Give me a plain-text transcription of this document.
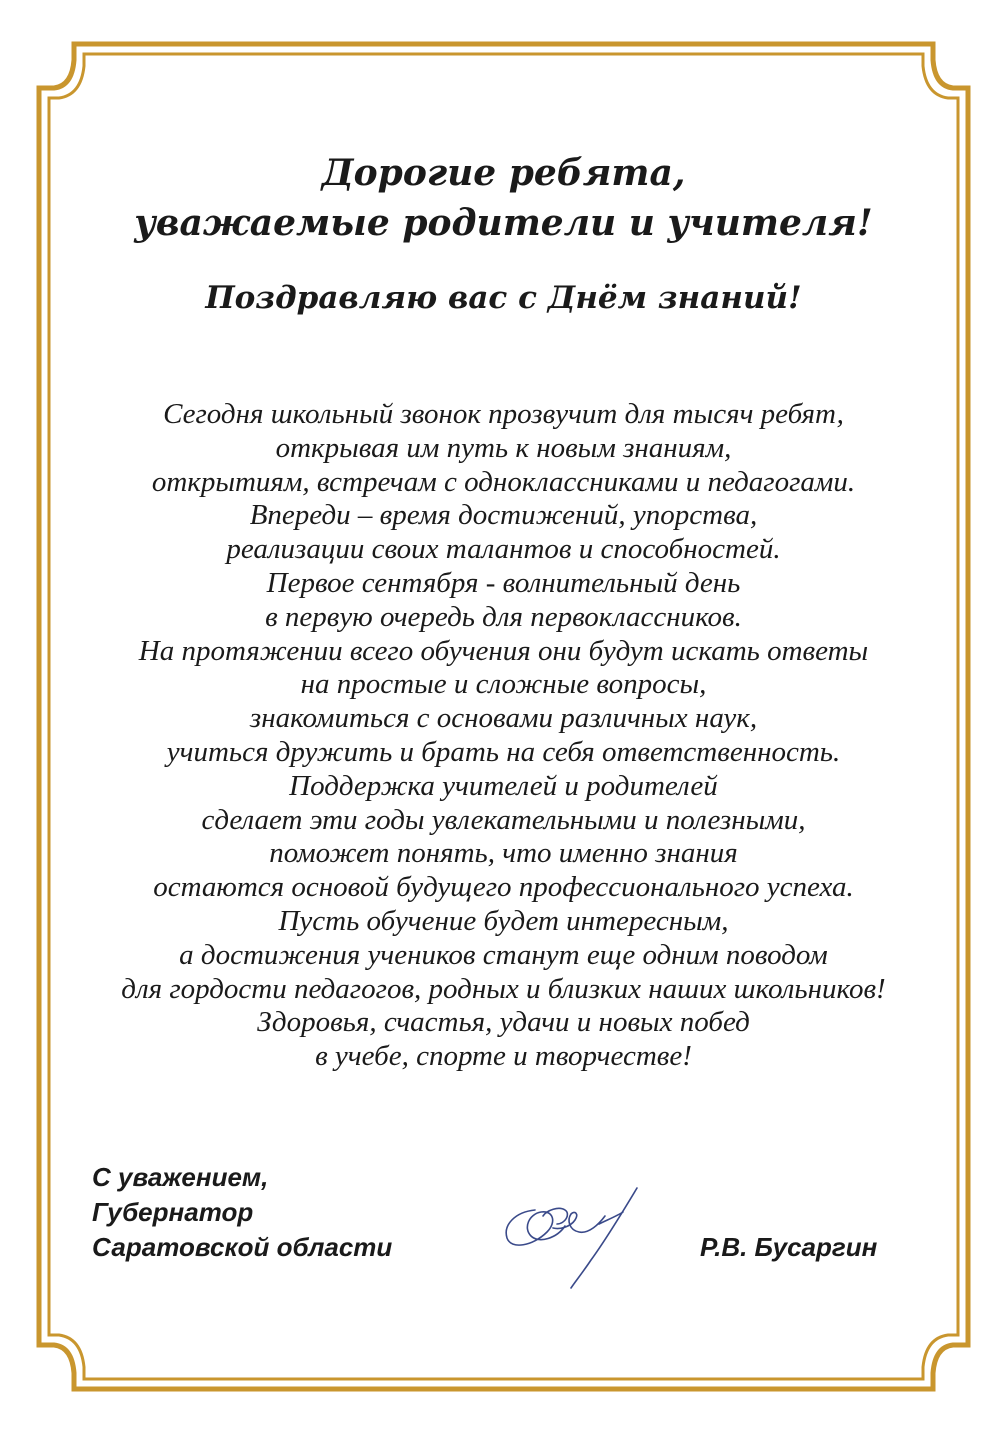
Дорогие ребята,

уважаемые родители и учителя!

Поздравляю вас с Днём знаний!

Сегодня школьный звонок прозвучит для тысяч ребят,
открывая им путь к новым знаниям,
открытиям, встречам с одноклассниками и педагогами.
Впереди – время достижений, упорства,
реализации своих талантов и способностей.
Первое сентября - волнительный день
в первую очередь для первоклассников.
На протяжении всего обучения они будут искать ответы
на простые и сложные вопросы,
знакомиться с основами различных наук,
учиться дружить и брать на себя ответственность.
Поддержка учителей и родителей
сделает эти годы увлекательными и полезными,
поможет понять, что именно знания
остаются основой будущего профессионального успеха.
Пусть обучение будет интересным,
а достижения учеников станут еще одним поводом
для гордости педагогов, родных и близких наших школьников!
Здоровья, счастья, удачи и новых побед
в учебе, спорте и творчестве!
С уважением,
Губернатор
Саратовской области	Р.В. Бусаргин
